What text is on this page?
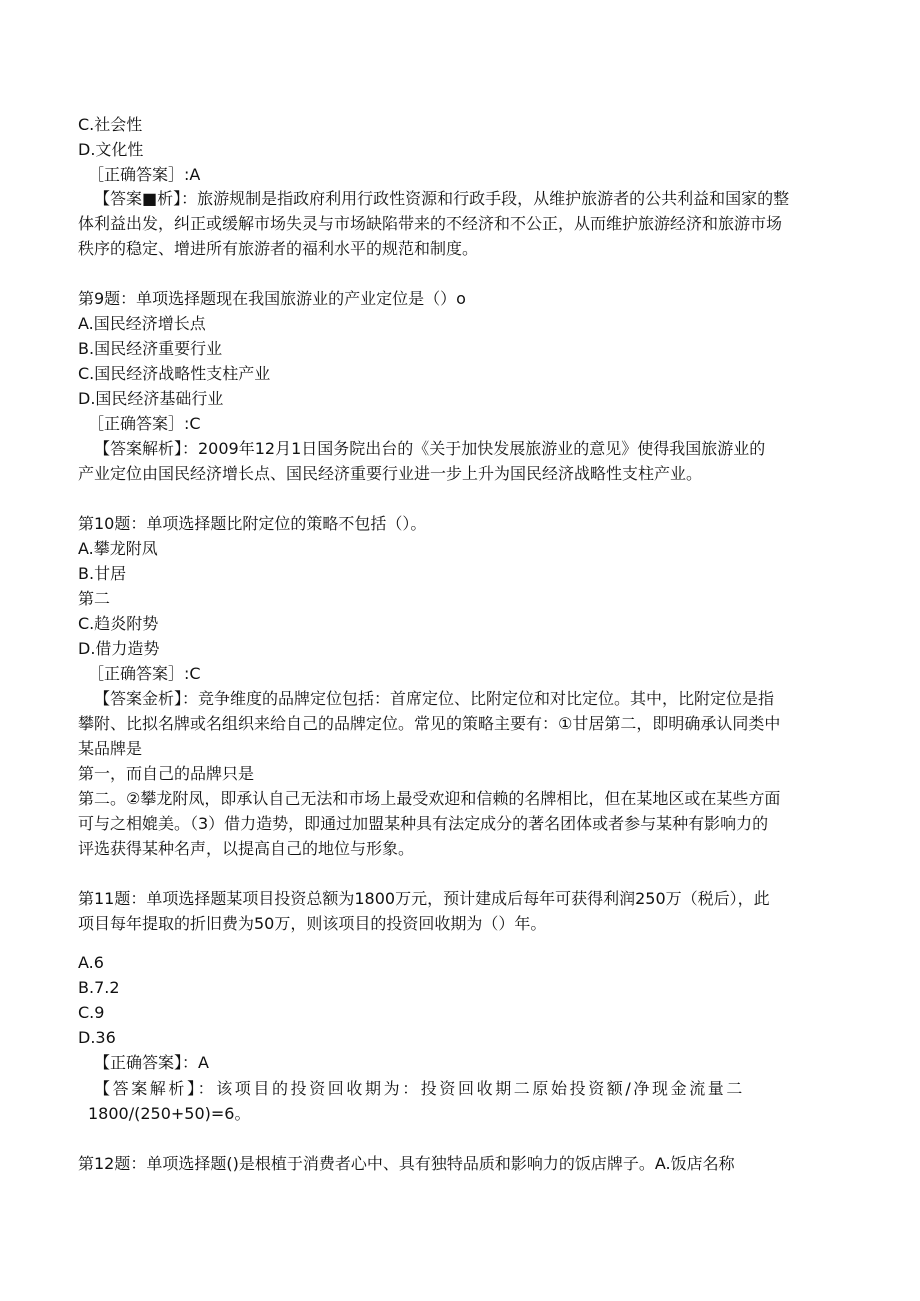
C.社会性

D.文化性

［正确答案］:A

【答案■析】：旅游规制是指政府利用行政性资源和行政手段，从维护旅游者的公共利益和国家的整

体利益出发，纠正或缓解市场失灵与市场缺陷带来的不经济和不公正，从而维护旅游经济和旅游市场

秩序的稳定、增进所有旅游者的福利水平的规范和制度。

第9题：单项选择题现在我国旅游业的产业定位是（）o

A.国民经济增长点

B.国民经济重要行业

C.国民经济战略性支柱产业

D.国民经济基础行业

［正确答案］:C

【答案解析】：2009年12月1日国务院出台的《关于加快发展旅游业的意见》使得我国旅游业的

产业定位由国民经济增长点、国民经济重要行业进一步上升为国民经济战略性支柱产业。

第10题：单项选择题比附定位的策略不包括（）。

A.攀龙附凤

B.甘居

第二

C.趋炎附势

D.借力造势

［正确答案］:C

【答案金析】：竞争维度的品牌定位包括：首席定位、比附定位和对比定位。其中，比附定位是指

攀附、比拟名牌或名组织来给自己的品牌定位。常见的策略主要有：①甘居第二，即明确承认同类中

某品牌是

第一，而自己的品牌只是

第二。②攀龙附凤，即承认自己无法和市场上最受欢迎和信赖的名牌相比，但在某地区或在某些方面

可与之相媲美。（3）借力造势，即通过加盟某种具有法定成分的著名团体或者参与某种有影响力的

评选获得某种名声，以提高自己的地位与形象。

第11题：单项选择题某项目投资总额为1800万元，预计建成后每年可获得利润250万（税后），此

项目每年提取的折旧费为50万，则该项目的投资回收期为（）年。

A.6

B.7.2

C.9

D.36

【正确答案】：A

【答案解析】：该项目的投资回收期为：投资回收期二原始投资额/净现金流量二

1800/(250+50)=6。

第12题：单项选择题()是根植于消费者心中、具有独特品质和影响力的饭店牌子。A.饭店名称
